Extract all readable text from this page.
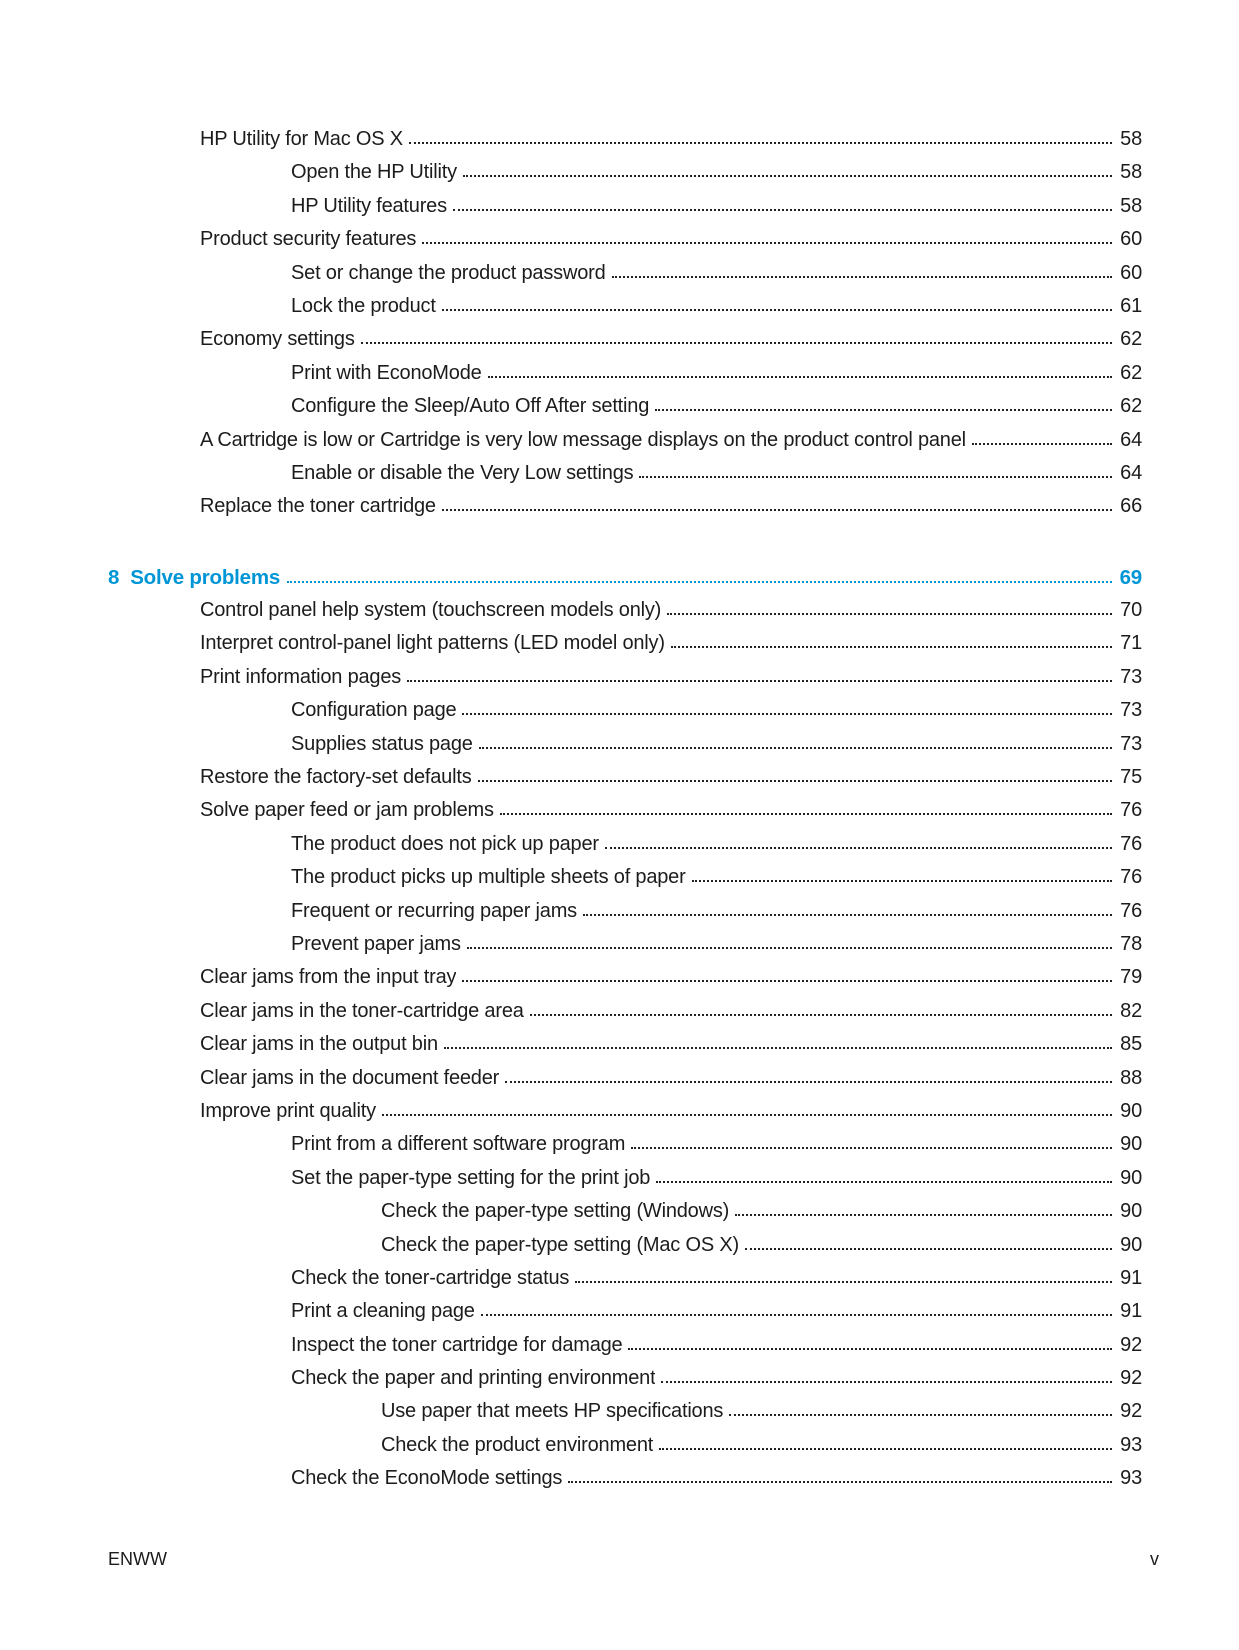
HP Utility for Mac OS X	58
Open the HP Utility	58
HP Utility features	58
Product security features	60
Set or change the product password	60
Lock the product	61
Economy settings	62
Print with EconoMode	62
Configure the Sleep/Auto Off After setting	62
A Cartridge is low or Cartridge is very low message displays on the product control panel	64
Enable or disable the Very Low settings	64
Replace the toner cartridge	66
8 Solve problems	69
Control panel help system (touchscreen models only)	70
Interpret control-panel light patterns (LED model only)	71
Print information pages	73
Configuration page	73
Supplies status page	73
Restore the factory-set defaults	75
Solve paper feed or jam problems	76
The product does not pick up paper	76
The product picks up multiple sheets of paper	76
Frequent or recurring paper jams	76
Prevent paper jams	78
Clear jams from the input tray	79
Clear jams in the toner-cartridge area	82
Clear jams in the output bin	85
Clear jams in the document feeder	88
Improve print quality	90
Print from a different software program	90
Set the paper-type setting for the print job	90
Check the paper-type setting (Windows)	90
Check the paper-type setting (Mac OS X)	90
Check the toner-cartridge status	91
Print a cleaning page	91
Inspect the toner cartridge for damage	92
Check the paper and printing environment	92
Use paper that meets HP specifications	92
Check the product environment	93
Check the EconoMode settings	93
ENWW	v
